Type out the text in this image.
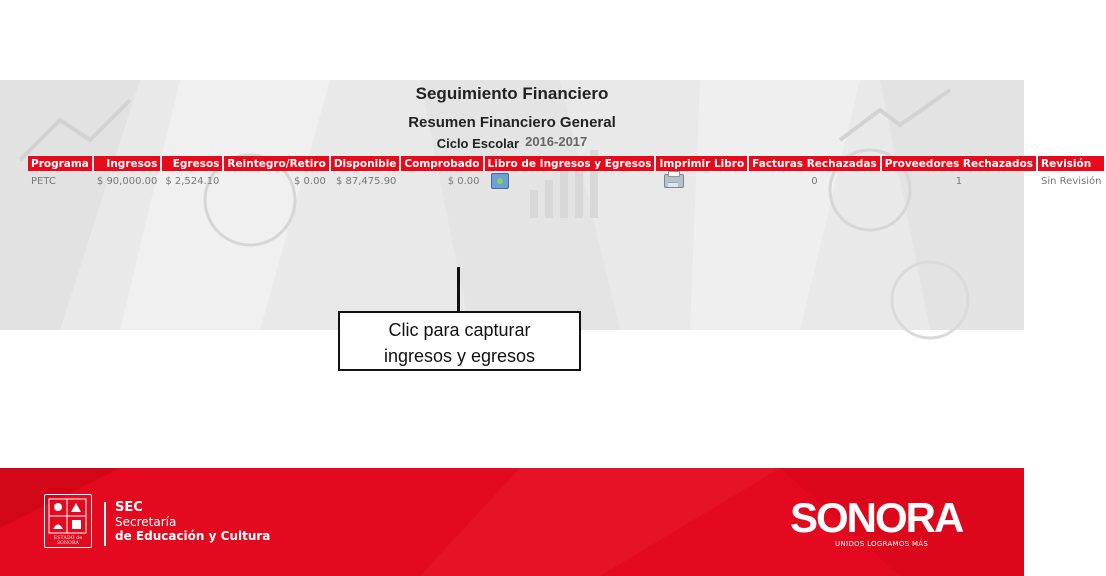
Seguimiento Financiero
Resumen Financiero General
Ciclo Escolar 2016-2017
Programa	Ingresos	Egresos	Reintegro/Retiro	Disponible	Comprobado	Libro de Ingresos y Egresos	Imprimir Libro	Facturas Rechazadas	Proveedores Rechazados	Revisión
PETC	$ 90,000.00	$ 2,524.10	$ 0.00	$ 87,475.90	$ 0.00			0	1	Sin Revisión
Clic para capturar
ingresos y egresos
ESTADO de SONORA
SEC
Secretaría
de Educación y Cultura	SONORA
UNIDOS LOGRAMOS MÁS
